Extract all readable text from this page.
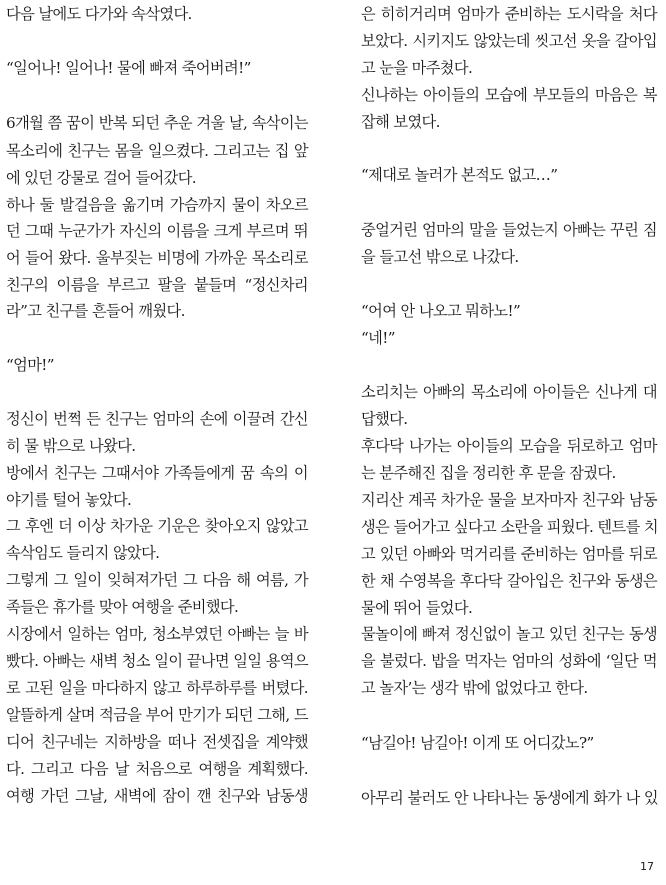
다음 날에도 다가와 속삭였다.
“일어나! 일어나! 물에 빠져 죽어버려!”
6개월 쯤 꿈이 반복 되던 추운 겨울 날, 속삭이는
목소리에 친구는 몸을 일으켰다. 그리고는 집 앞
에 있던 강물로 걸어 들어갔다.
하나 둘 발걸음을 옮기며 가슴까지 물이 차오르
던 그때 누군가가 자신의 이름을 크게 부르며 뛰
어 들어 왔다. 울부짖는 비명에 가까운 목소리로
친구의 이름을 부르고 팔을 붙들며 “정신차리
라”고 친구를 흔들어 깨웠다.
“엄마!”
정신이 번쩍 든 친구는 엄마의 손에 이끌려 간신
히 물 밖으로 나왔다.
방에서 친구는 그때서야 가족들에게 꿈 속의 이
야기를 털어 놓았다.
그 후엔 더 이상 차가운 기운은 찾아오지 않았고
속삭임도 들리지 않았다.
그렇게 그 일이 잊혀져가던 그 다음 해 여름, 가
족들은 휴가를 맞아 여행을 준비했다.
시장에서 일하는 엄마, 청소부였던 아빠는 늘 바
빴다. 아빠는 새벽 청소 일이 끝나면 일일 용역으
로 고된 일을 마다하지 않고 하루하루를 버텼다.
알뜰하게 살며 적금을 부어 만기가 되던 그해, 드
디어 친구네는 지하방을 떠나 전셋집을 계약했
다. 그리고 다음 날 처음으로 여행을 계획했다.
여행 가던 그날, 새벽에 잠이 깬 친구와 남동생
은 히히거리며 엄마가 준비하는 도시락을 처다
보았다. 시키지도 않았는데 씻고선 옷을 갈아입
고 눈을 마주쳤다.
신나하는 아이들의 모습에 부모들의 마음은 복
잡해 보였다.
“제대로 놀러가 본적도 없고…”
중얼거린 엄마의 말을 들었는지 아빠는 꾸린 짐
을 들고선 밖으로 나갔다.
“어여 안 나오고 뭐하노!”
“네!”
소리치는 아빠의 목소리에 아이들은 신나게 대
답했다.
후다닥 나가는 아이들의 모습을 뒤로하고 엄마
는 분주해진 집을 정리한 후 문을 잠궜다.
지리산 계곡 차가운 물을 보자마자 친구와 남동
생은 들어가고 싶다고 소란을 피웠다. 텐트를 치
고 있던 아빠와 먹거리를 준비하는 엄마를 뒤로
한 채 수영복을 후다닥 갈아입은 친구와 동생은
물에 뛰어 들었다.
물놀이에 빠져 정신없이 놀고 있던 친구는 동생
을 불렀다. 밥을 먹자는 엄마의 성화에 ‘일단 먹
고 놀자’는 생각 밖에 없었다고 한다.
“남길아! 남길아! 이게 또 어디갔노?”
아무리 불러도 안 나타나는 동생에게 화가 나 있
17
